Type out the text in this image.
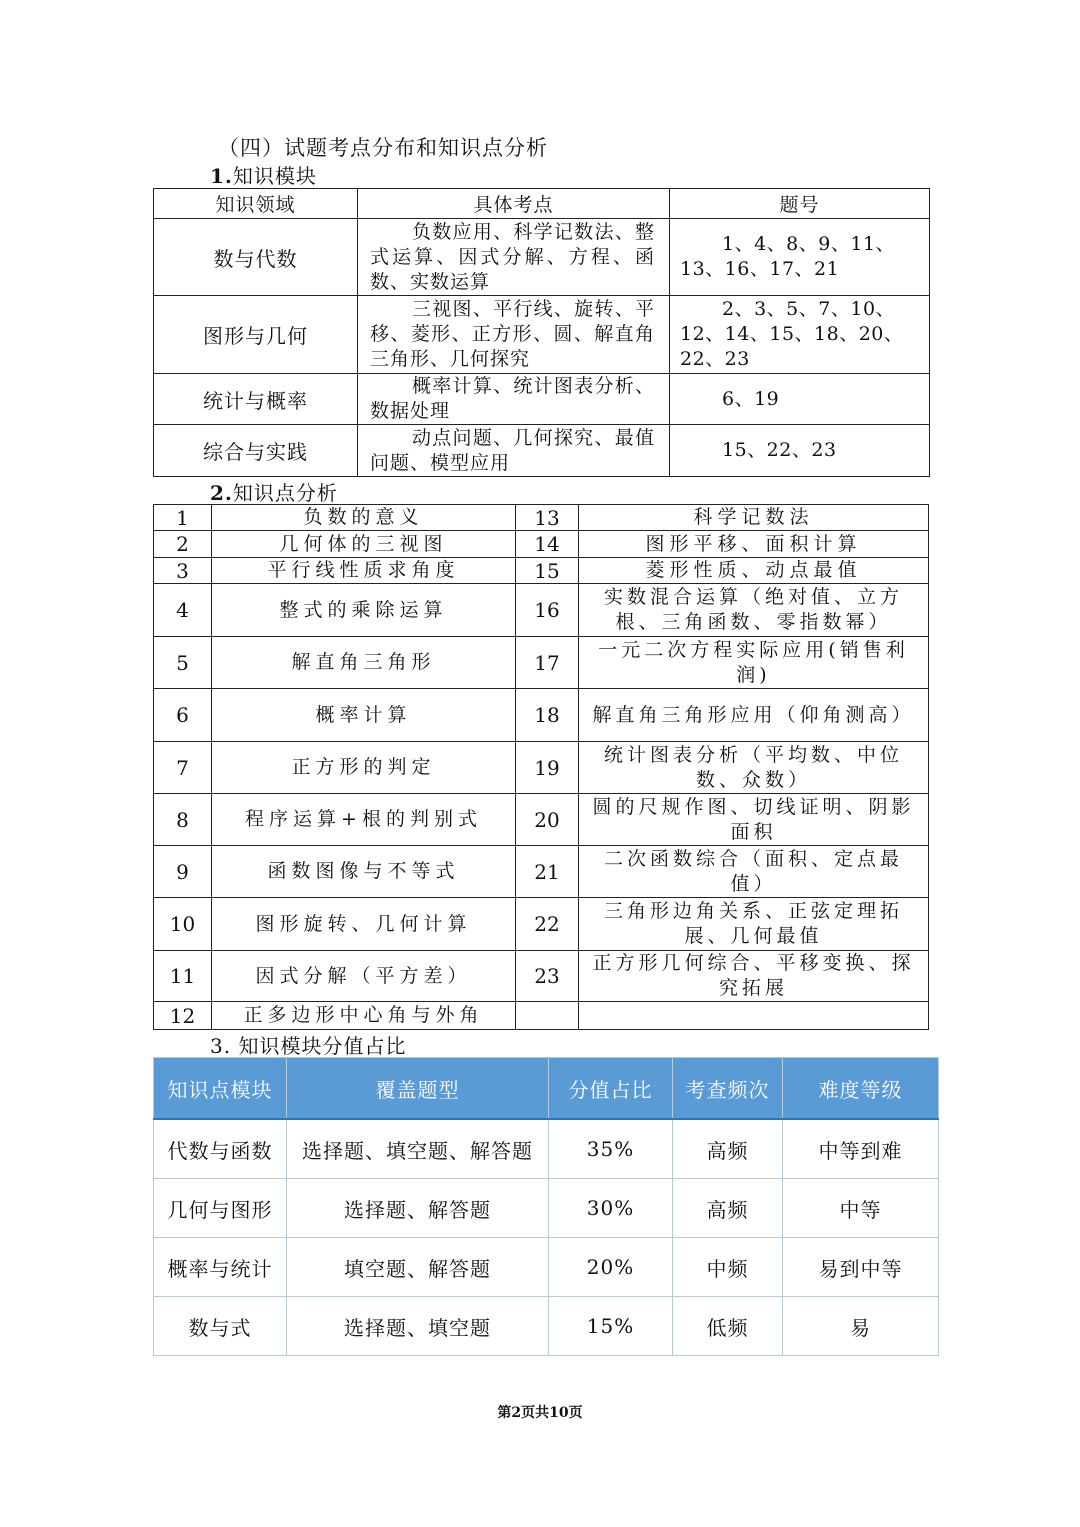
（四）试题考点分布和知识点分析
1.知识模块
知识领域	具体考点	题号
数与代数	负数应用、科学记数法、整式运算、因式分解、方程、函数、实数运算	1、4、8、9、11、13、16、17、21
图形与几何	三视图、平行线、旋转、平移、菱形、正方形、圆、解直角三角形、几何探究	2、3、5、7、10、12、14、15、18、20、22、23
统计与概率	概率计算、统计图表分析、数据处理	6、19
综合与实践	动点问题、几何探究、最值问题、模型应用	15、22、23
2.知识点分析
1	负数的意义	13	科学记数法
2	几何体的三视图	14	图形平移、面积计算
3	平行线性质求角度	15	菱形性质、动点最值
4	整式的乘除运算	16	实数混合运算（绝对值、立方根、三角函数、零指数幂）
5	解直角三角形	17	一元二次方程实际应用(销售利润)
6	概率计算	18	解直角三角形应用（仰角测高）
7	正方形的判定	19	统计图表分析（平均数、中位数、众数）
8	程序运算+根的判别式	20	圆的尺规作图、切线证明、阴影面积
9	函数图像与不等式	21	二次函数综合（面积、定点最值）
10	图形旋转、几何计算	22	三角形边角关系、正弦定理拓展、几何最值
11	因式分解（平方差）	23	正方形几何综合、平移变换、探究拓展
12	正多边形中心角与外角		
3. 知识模块分值占比
知识点模块	覆盖题型	分值占比	考查频次	难度等级
代数与函数	选择题、填空题、解答题	35%	高频	中等到难
几何与图形	选择题、解答题	30%	高频	中等
概率与统计	填空题、解答题	20%	中频	易到中等
数与式	选择题、填空题	15%	低频	易
第2页共10页
